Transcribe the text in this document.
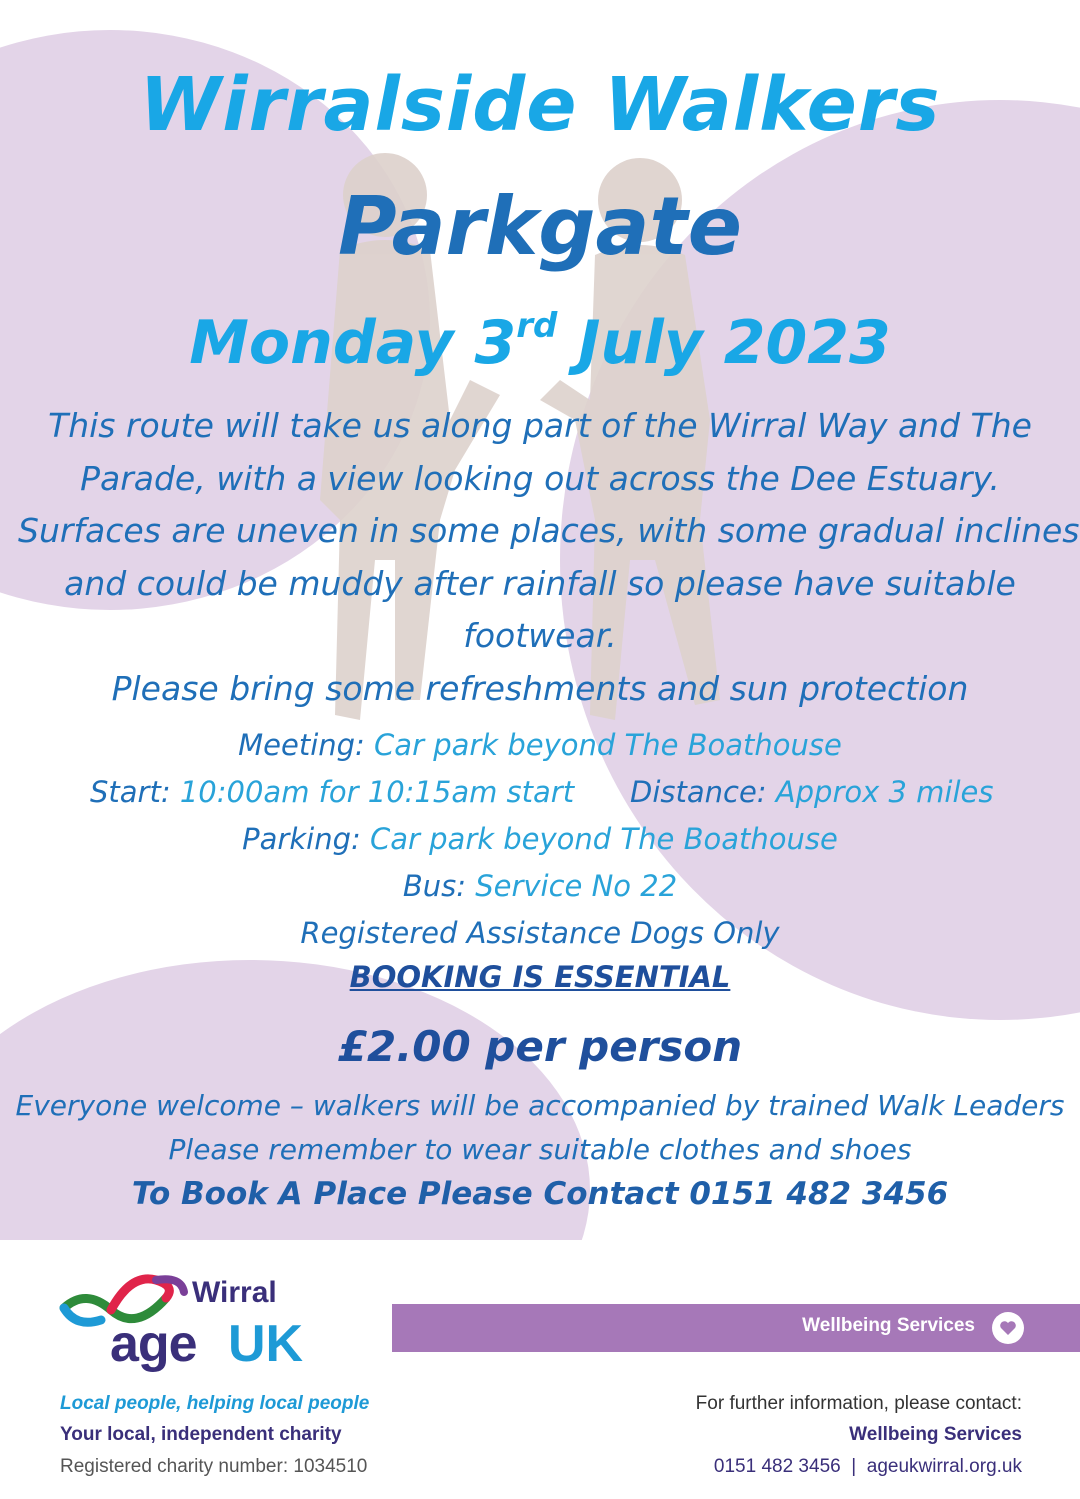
Wirralside Walkers
Parkgate
Monday 3rd July 2023
This route will take us along part of the Wirral Way and The
Parade, with a view looking out across the Dee Estuary.
Surfaces are uneven in some places, with some gradual inclines
and could be muddy after rainfall so please have suitable
footwear.
Please bring some refreshments and sun protection
Meeting: Car park beyond The Boathouse
Start: 10:00am for 10:15am start Distance: Approx 3 miles
Parking: Car park beyond The Boathouse
Bus: Service No 22
Registered Assistance Dogs Only
BOOKING IS ESSENTIAL
£2.00 per person
Everyone welcome – walkers will be accompanied by trained Walk Leaders
Please remember to wear suitable clothes and shoes
To Book A Place Please Contact 0151 482 3456
Wellbeing Services
Wirral
age UK
Local people, helping local people
Your local, independent charity
Registered charity number: 1034510
For further information, please contact:
Wellbeing Services
0151 482 3456  |  ageukwirral.org.uk
